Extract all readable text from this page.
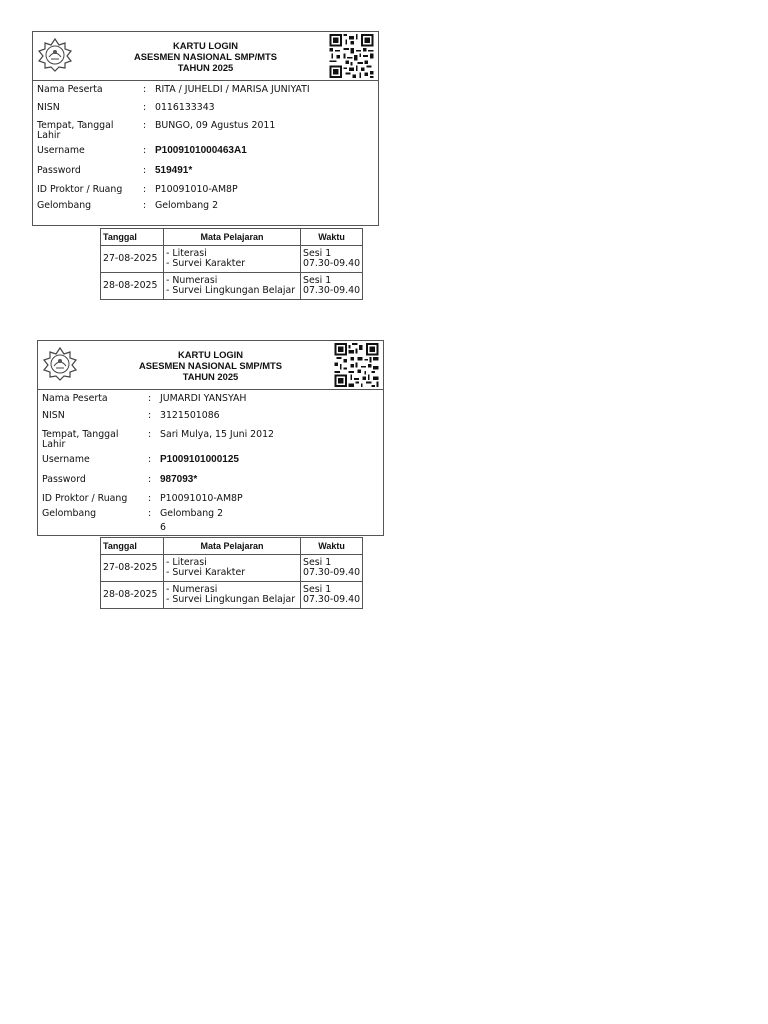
KARTU LOGIN
ASESMEN NASIONAL SMP/MTS
TAHUN 2025
Nama Peserta	: RITA / JUHELDI / MARISA JUNIYATI
NISN	: 0116133343
Tempat, Tanggal
Lahir
: BUNGO, 09 Agustus 2011
Username	: P1009101000463A1
Password	: 519491*
ID Proktor / Ruang	: P10091010-AM8P
Gelombang	: Gelombang 2
Tanggal	Mata Pelajaran	Waktu
27-08-2025	- Literasi
- Survei Karakter	Sesi 1
07.30-09.40

28-08-2025	- Numerasi
- Survei Lingkungan Belajar	Sesi 1
07.30-09.40
KARTU LOGIN
ASESMEN NASIONAL SMP/MTS
TAHUN 2025
Nama Peserta	: JUMARDI YANSYAH
NISN	: 3121501086
Tempat, Tanggal
Lahir
: Sari Mulya, 15 Juni 2012
Username	: P1009101000125
Password	: 987093*
ID Proktor / Ruang	: P10091010-AM8P
Gelombang	: Gelombang 2
6
Tanggal	Mata Pelajaran	Waktu
27-08-2025	- Literasi
- Survei Karakter	Sesi 1
07.30-09.40

28-08-2025	- Numerasi
- Survei Lingkungan Belajar	Sesi 1
07.30-09.40
